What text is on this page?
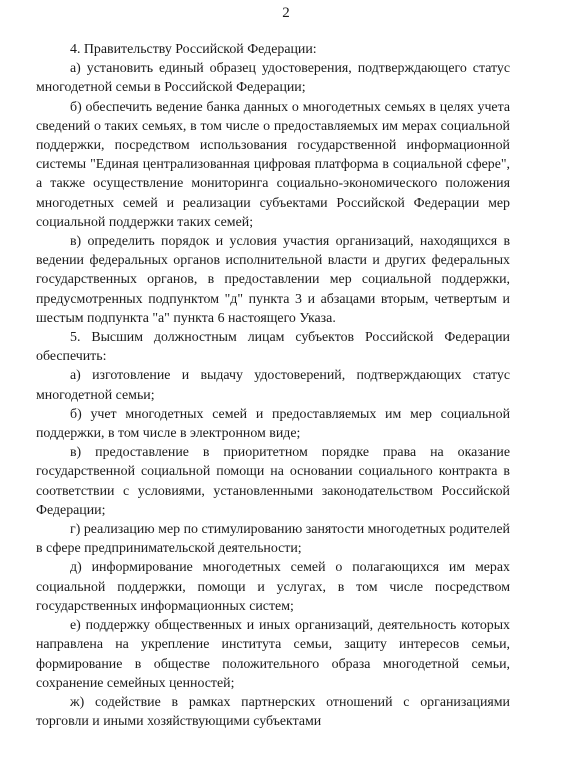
2

4. Правительству Российской Федерации:

а) установить единый образец удостоверения, подтверждающего статус многодетной семьи в Российской Федерации;

б) обеспечить ведение банка данных о многодетных семьях в целях учета сведений о таких семьях, в том числе о предоставляемых им мерах социальной поддержки, посредством использования государственной информационной системы "Единая централизованная цифровая платформа в социальной сфере", а также осуществление мониторинга социально-экономического положения многодетных семей и реализации субъектами Российской Федерации мер социальной поддержки таких семей;

в) определить порядок и условия участия организаций, находящихся в ведении федеральных органов исполнительной власти и других федеральных государственных органов, в предоставлении мер социальной поддержки, предусмотренных подпунктом "д" пункта 3 и абзацами вторым, четвертым и шестым подпункта "а" пункта 6 настоящего Указа.

5. Высшим должностным лицам субъектов Российской Федерации обеспечить:

а) изготовление и выдачу удостоверений, подтверждающих статус многодетной семьи;

б) учет многодетных семей и предоставляемых им мер социальной поддержки, в том числе в электронном виде;

в) предоставление в приоритетном порядке права на оказание государственной социальной помощи на основании социального контракта в соответствии с условиями, установленными законодательством Российской Федерации;

г) реализацию мер по стимулированию занятости многодетных родителей в сфере предпринимательской деятельности;

д) информирование многодетных семей о полагающихся им мерах социальной поддержки, помощи и услугах, в том числе посредством государственных информационных систем;

е) поддержку общественных и иных организаций, деятельность которых направлена на укрепление института семьи, защиту интересов семьи, формирование в обществе положительного образа многодетной семьи, сохранение семейных ценностей;

ж) содействие в рамках партнерских отношений с организациями торговли и иными хозяйствующими субъектами
